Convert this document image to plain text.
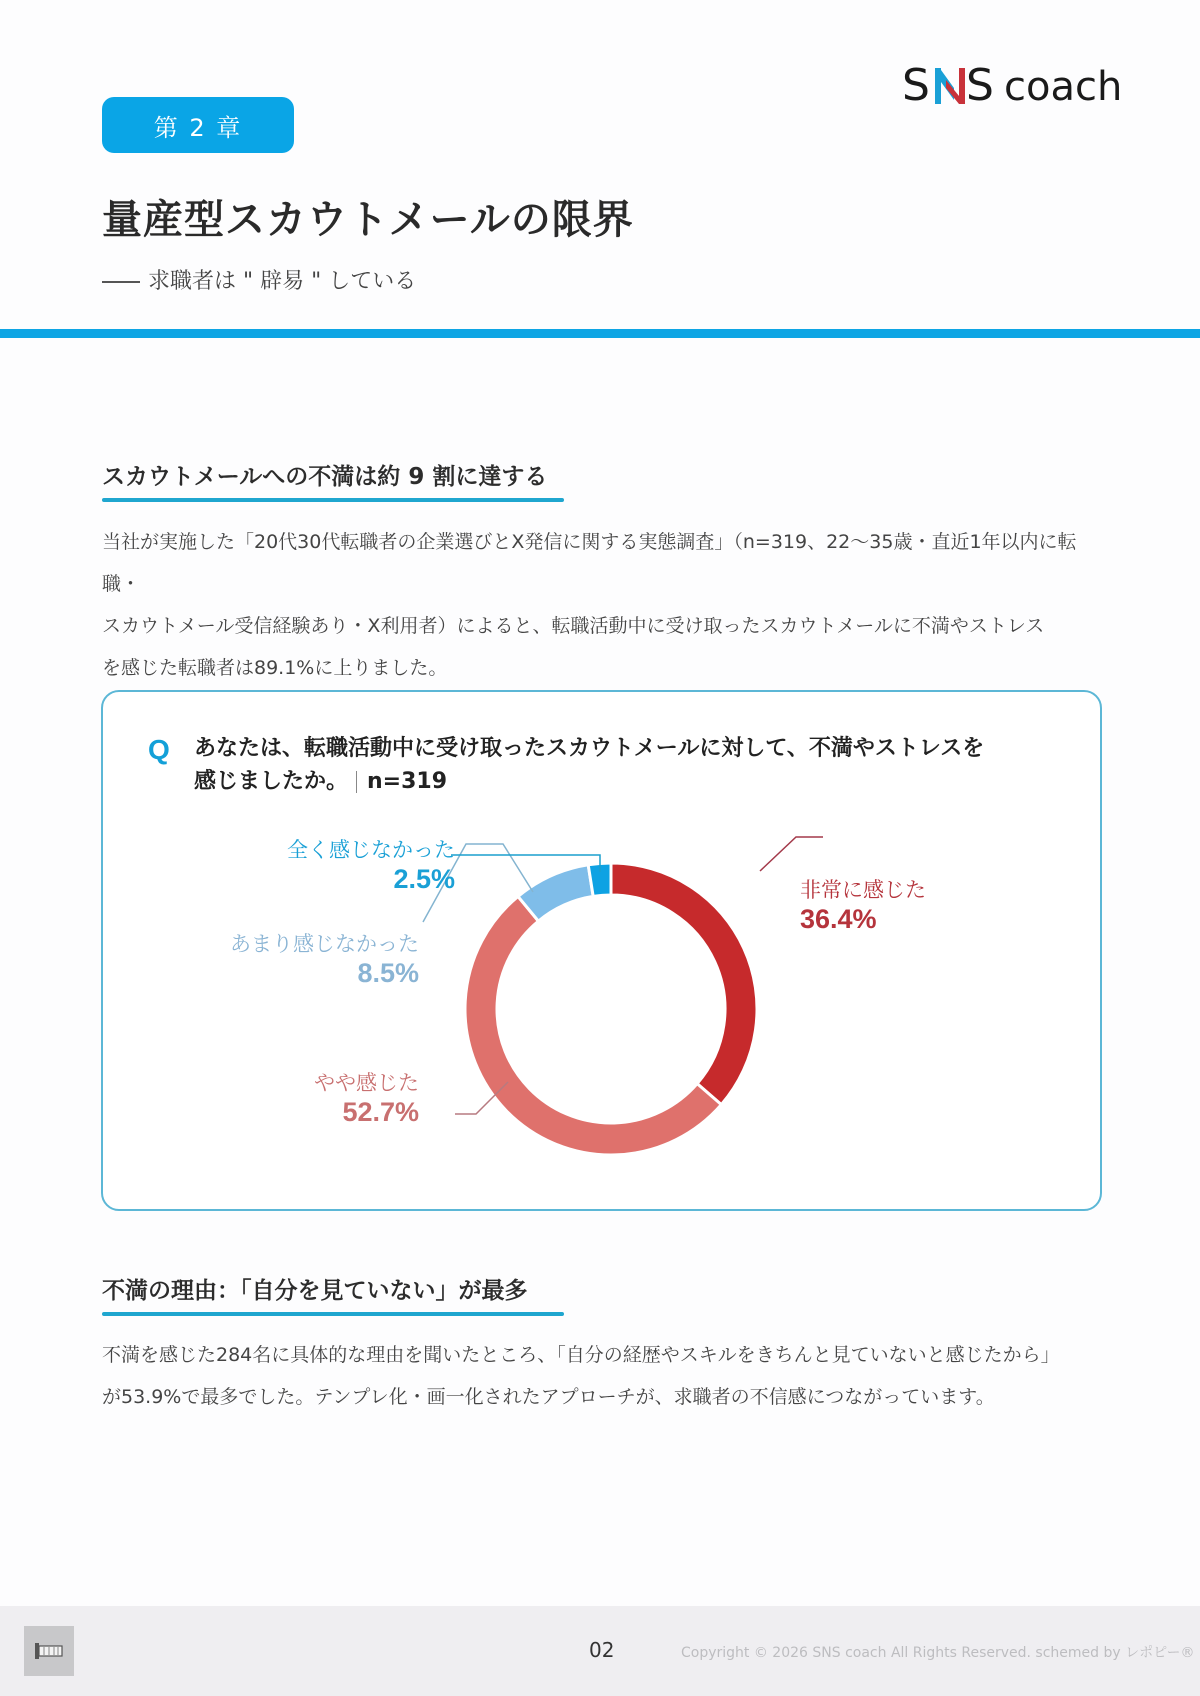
S S coach
第 2 章
量産型スカウトメールの限界
求職者は " 辟易 " している
スカウトメールへの不満は約 9 割に達する
当社が実施した「20代30代転職者の企業選びとX発信に関する実態調査」（n=319、22〜35歳・直近1年以内に転職・
スカウトメール受信経験あり・X利用者）によると、転職活動中に受け取ったスカウトメールに不満やストレス
を感じた転職者は89.1%に上りました。
Q あなたは、転職活動中に受け取ったスカウトメールに対して、不満やストレスを
感じましたか。 n=319
全く感じなかった
2.5%
あまり感じなかった
8.5%
非常に感じた
36.4%
やや感じた
52.7%
不満の理由：「自分を見ていない」が最多
不満を感じた284名に具体的な理由を聞いたところ、「自分の経歴やスキルをきちんと見ていないと感じたから」
が53.9%で最多でした。テンプレ化・画一化されたアプローチが、求職者の不信感につながっています。
02	Copyright © 2026 SNS coach All Rights Reserved. schemed by レポピー®
